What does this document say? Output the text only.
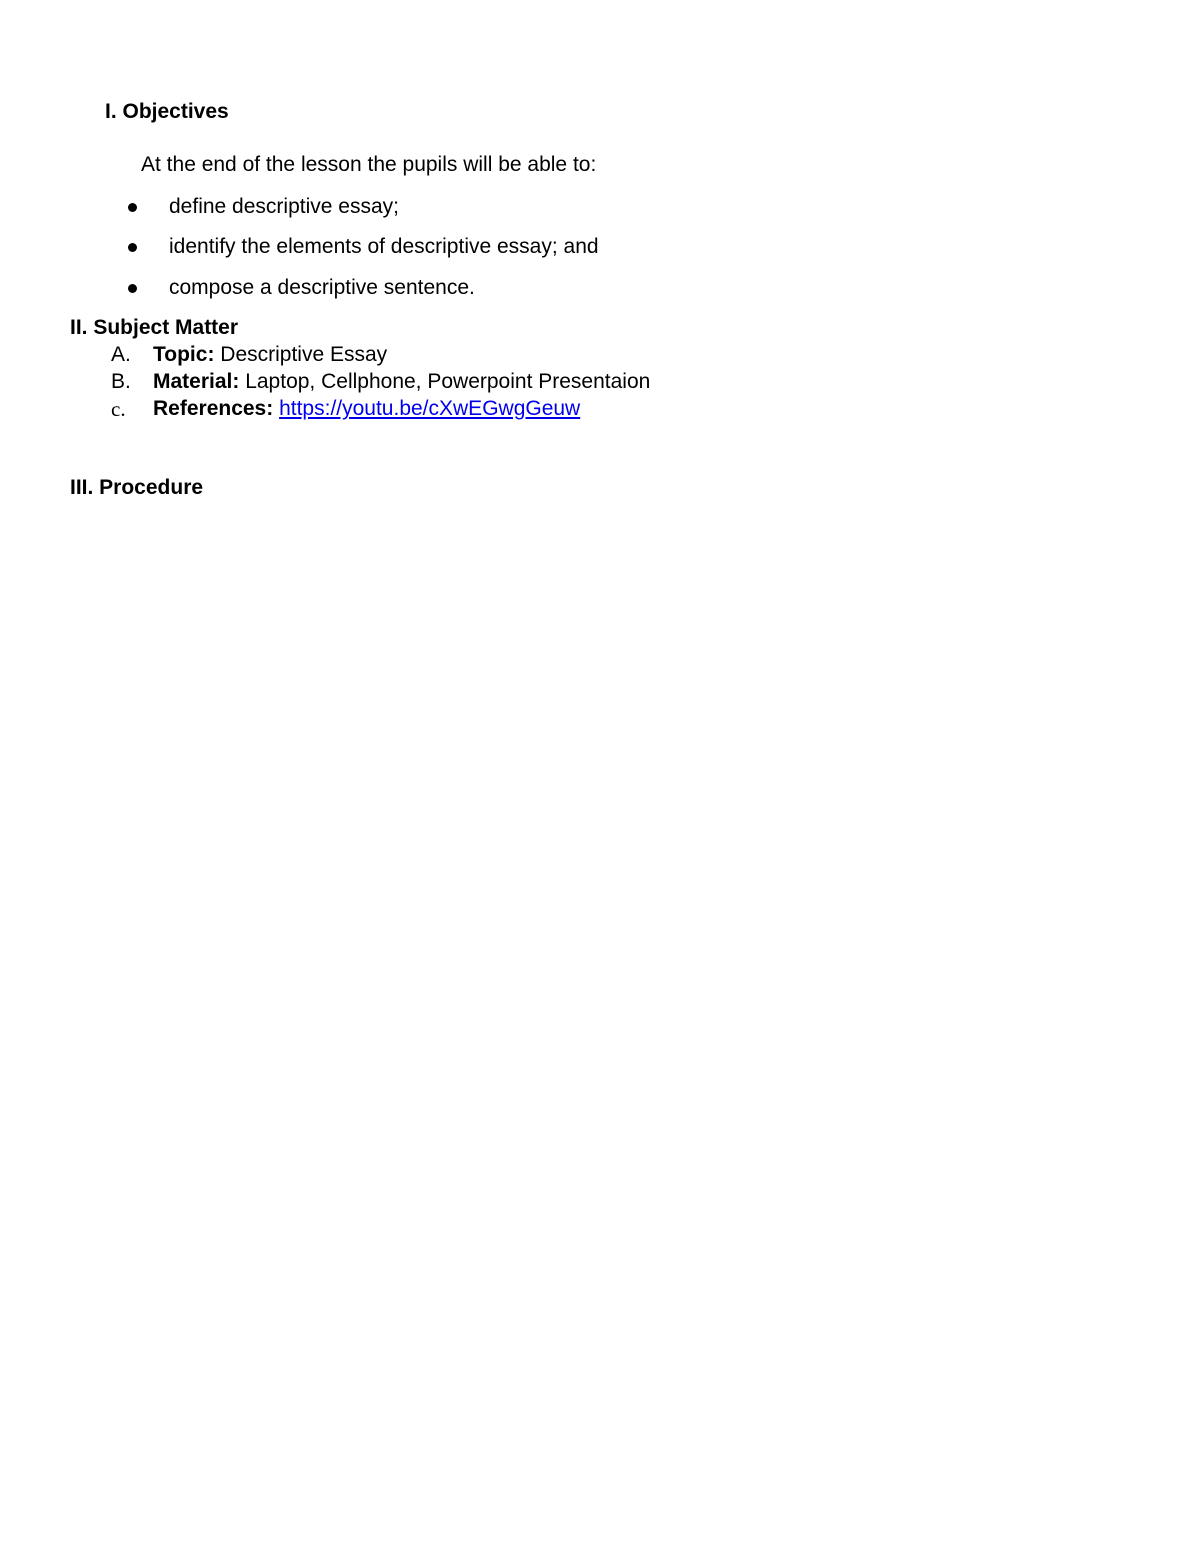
I. Objectives
At the end of the lesson the pupils will be able to:
define descriptive essay;
identify the elements of descriptive essay; and
compose a descriptive sentence.
II. Subject Matter
A. Topic: Descriptive Essay
B. Material: Laptop, Cellphone, Powerpoint Presentaion
c. References: https://youtu.be/cXwEGwgGeuw
III. Procedure
